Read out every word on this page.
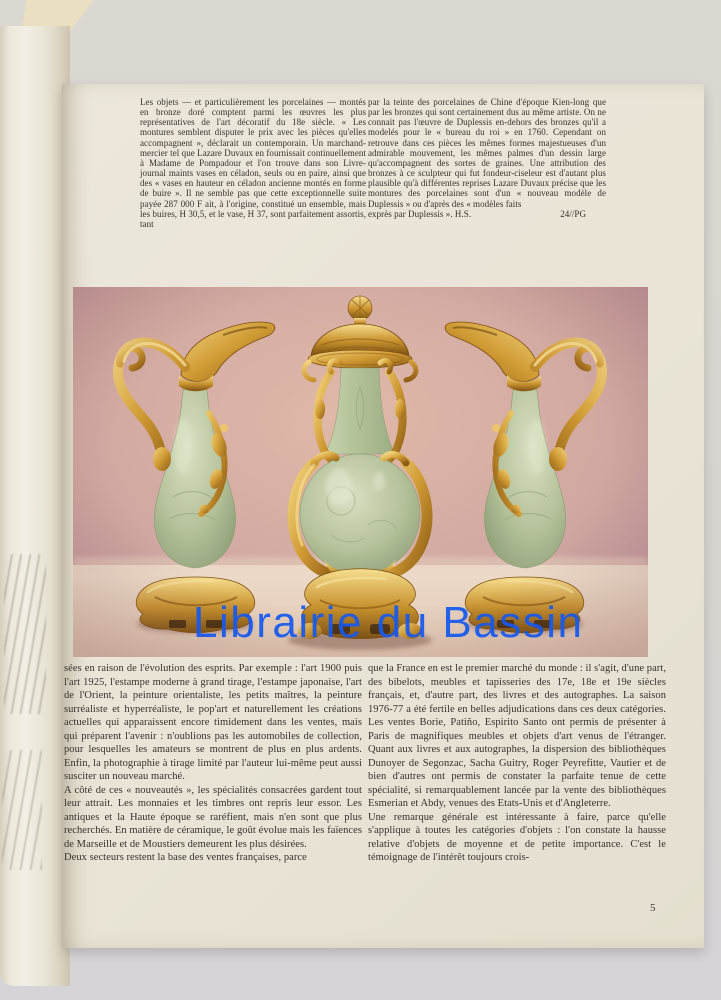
Les objets — et particulièrement les porcelaines — montés en bronze doré comptent parmi les œuvres les plus représentatives de l'art décoratif du 18e siècle. « Les montures semblent disputer le prix avec les pièces qu'elles accompagnent », déclarait un contemporain. Un marchand-mercier tel que Lazare Duvaux en fournissait continuellement à Madame de Pompadour et l'on trouve dans son Livre-journal maints vases en céladon, seuls ou en paire, ainsi que des « vases en hauteur en céladon ancienne montés en forme de buire ». Il ne semble pas que cette exceptionnelle suite payée 287 000 F ait, à l'origine, constitué un ensemble, mais les buires, H 30,5, et le vase, H 37, sont parfaitement assortis, tant

par la teinte des porcelaines de Chine d'époque Kien-long que par les bronzes qui sont certainement dus au même artiste. On ne connait pas l'œuvre de Duplessis en-dehors des bronzes qu'il a modelés pour le « bureau du roi » en 1760. Cependant on retrouve dans ces pièces les mêmes formes majestueuses d'un admirable mouvement, les mêmes palmes d'un dessin large qu'accompagnent des sortes de graines. Une attribution des bronzes à ce sculpteur qui fut fondeur-ciseleur est d'autant plus plausible qu'à différentes reprises Lazare Duvaux précise que les montures des porcelaines sont d'un « nouveau modèle de Duplessis » ou d'après des « modèles faits

exprès par Duplessis ». H.S.	24//PG
Librairie du Bassin

sées en raison de l'évolution des esprits. Par exemple : l'art 1900 puis l'art 1925, l'estampe moderne à grand tirage, l'estampe japonaise, l'art de l'Orient, la peinture orientaliste, les petits maîtres, la peinture surréaliste et hyperréaliste, le pop'art et naturellement les créations actuelles qui apparaissent encore timidement dans les ventes, mais qui préparent l'avenir : n'oublions pas les automobiles de collection, pour lesquelles les amateurs se montrent de plus en plus ardents. Enfin, la photographie à tirage limité par l'auteur lui-même peut aussi susciter un nouveau marché.

A côté de ces « nouveautés », les spécialités consacrées gardent tout leur attrait. Les monnaies et les timbres ont repris leur essor. Les antiques et la Haute époque se raréfient, mais n'en sont que plus recherchés. En matière de céramique, le goût évolue mais les faïences de Marseille et de Moustiers demeurent les plus désirées.

Deux secteurs restent la base des ventes françaises, parce

que la France en est le premier marché du monde : il s'agit, d'une part, des bibelots, meubles et tapisseries des 17e, 18e et 19e siècles français, et, d'autre part, des livres et des autographes. La saison 1976-77 a été fertile en belles adjudications dans ces deux catégories. Les ventes Borie, Patiño, Espirito Santo ont permis de présenter à Paris de magnifiques meubles et objets d'art venus de l'étranger. Quant aux livres et aux autographes, la dispersion des bibliothèques Dunoyer de Segonzac, Sacha Guitry, Roger Peyrefitte, Vautier et de bien d'autres ont permis de constater la parfaite tenue de cette spécialité, si remarquablement lancée par la vente des bibliothèques Esmerian et Abdy, venues des Etats-Unis et d'Angleterre.

Une remarque générale est intéressante à faire, parce qu'elle s'applique à toutes les catégories d'objets : l'on constate la hausse relative d'objets de moyenne et de petite importance. C'est le témoignage de l'intérêt toujours crois-

5
